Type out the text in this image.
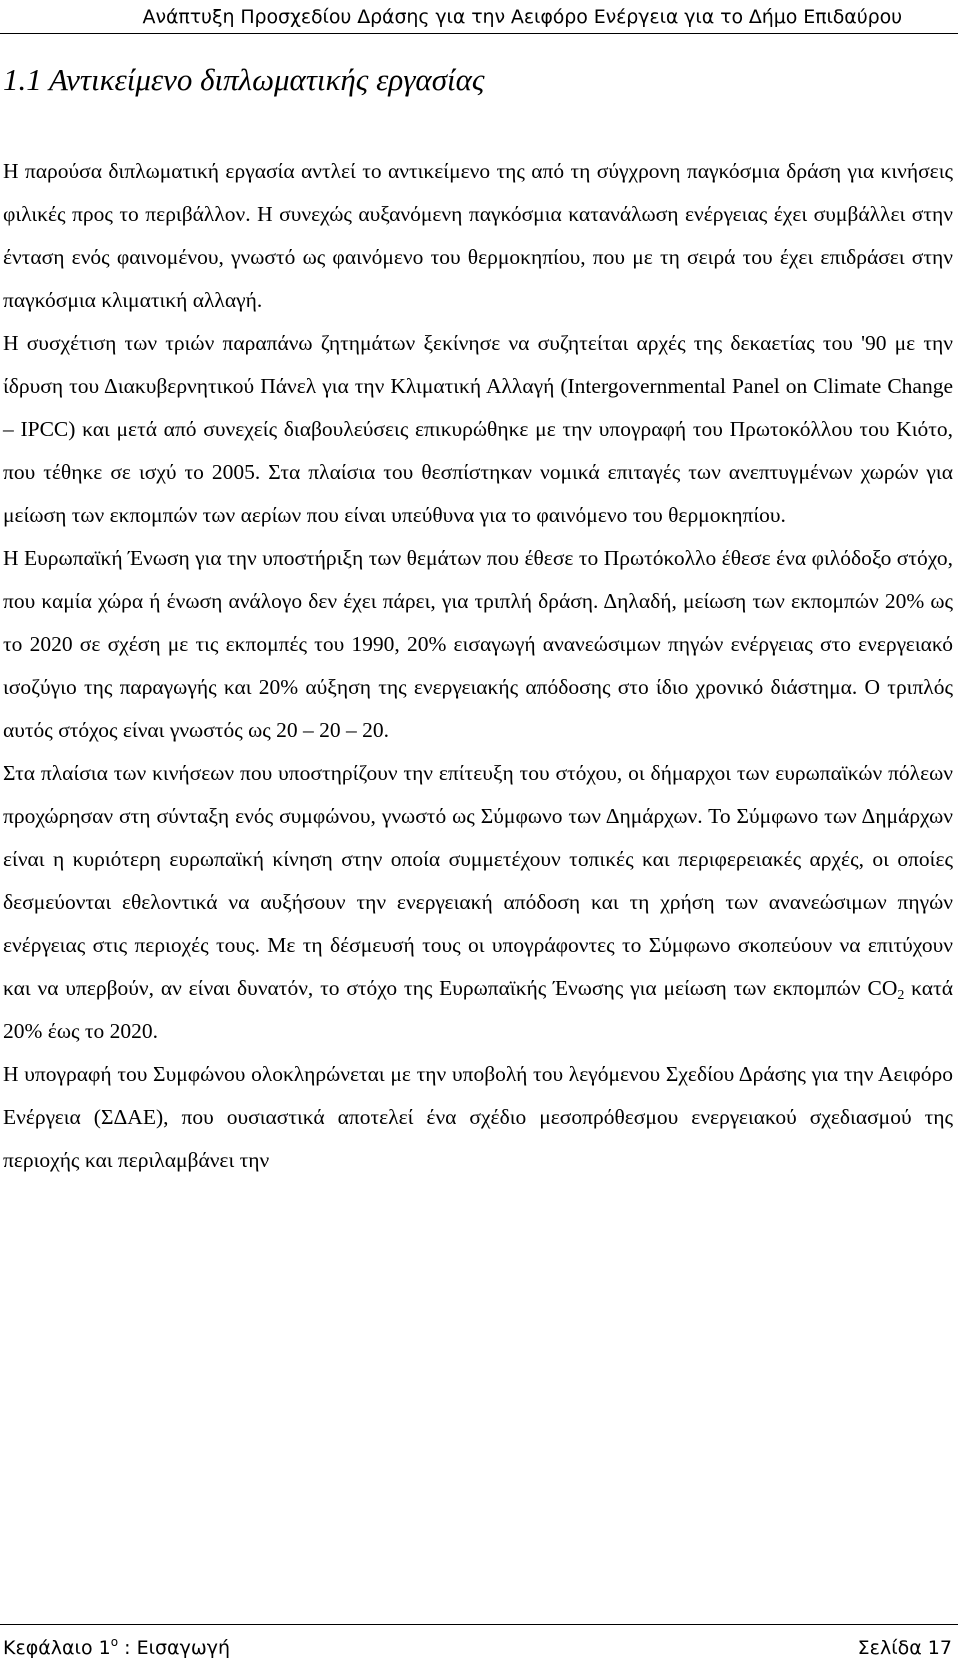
Ανάπτυξη Προσχεδίου Δράσης για την Αειφόρο Ενέργεια για το Δήμο Επιδαύρου
1.1 Αντικείμενο διπλωματικής εργασίας

Η παρούσα διπλωματική εργασία αντλεί το αντικείμενο της από τη σύγχρονη παγκόσμια δράση για κινήσεις φιλικές προς το περιβάλλον. Η συνεχώς αυξανόμενη παγκόσμια κατανάλωση ενέργειας έχει συμβάλλει στην ένταση ενός φαινομένου, γνωστό ως φαινόμενο του θερμοκηπίου, που με τη σειρά του έχει επιδράσει στην παγκόσμια κλιματική αλλαγή.

Η συσχέτιση των τριών παραπάνω ζητημάτων ξεκίνησε να συζητείται αρχές της δεκαετίας του '90 με την ίδρυση του Διακυβερνητικού Πάνελ για την Κλιματική Αλλαγή (Intergovernmental Panel on Climate Change – IPCC) και μετά από συνεχείς διαβουλεύσεις επικυρώθηκε με την υπογραφή του Πρωτοκόλλου του Κιότο, που τέθηκε σε ισχύ το 2005. Στα πλαίσια του θεσπίστηκαν νομικά επιταγές των ανεπτυγμένων χωρών για μείωση των εκπομπών των αερίων που είναι υπεύθυνα για το φαινόμενο του θερμοκηπίου.

Η Ευρωπαϊκή Ένωση για την υποστήριξη των θεμάτων που έθεσε το Πρωτόκολλο έθεσε ένα φιλόδοξο στόχο, που καμία χώρα ή ένωση ανάλογο δεν έχει πάρει, για τριπλή δράση. Δηλαδή, μείωση των εκπομπών 20% ως το 2020 σε σχέση με τις εκπομπές του 1990, 20% εισαγωγή ανανεώσιμων πηγών ενέργειας στο ενεργειακό ισοζύγιο της παραγωγής και 20% αύξηση της ενεργειακής απόδοσης στο ίδιο χρονικό διάστημα. Ο τριπλός αυτός στόχος είναι γνωστός ως 20 – 20 – 20.

Στα πλαίσια των κινήσεων που υποστηρίζουν την επίτευξη του στόχου, οι δήμαρχοι των ευρωπαϊκών πόλεων προχώρησαν στη σύνταξη ενός συμφώνου, γνωστό ως Σύμφωνο των Δημάρχων. Το Σύμφωνο των Δημάρχων είναι η κυριότερη ευρωπαϊκή κίνηση στην οποία συμμετέχουν τοπικές και περιφερειακές αρχές, οι οποίες δεσμεύονται εθελοντικά να αυξήσουν την ενεργειακή απόδοση και τη χρήση των ανανεώσιμων πηγών ενέργειας στις περιοχές τους. Με τη δέσμευσή τους οι υπογράφοντες το Σύμφωνο σκοπεύουν να επιτύχουν και να υπερβούν, αν είναι δυνατόν, το στόχο της Ευρωπαϊκής Ένωσης για μείωση των εκπομπών $CO_2$ κατά 20% έως το 2020.

Η υπογραφή του Συμφώνου ολοκληρώνεται με την υποβολή του λεγόμενου Σχεδίου Δράσης για την Αειφόρο Ενέργεια (ΣΔΑΕ), που ουσιαστικά αποτελεί ένα σχέδιο μεσοπρόθεσμου ενεργειακού σχεδιασμού της περιοχής και περιλαμβάνει την

Κεφάλαιο $1^o$ : Εισαγωγή	Σελίδα 17
